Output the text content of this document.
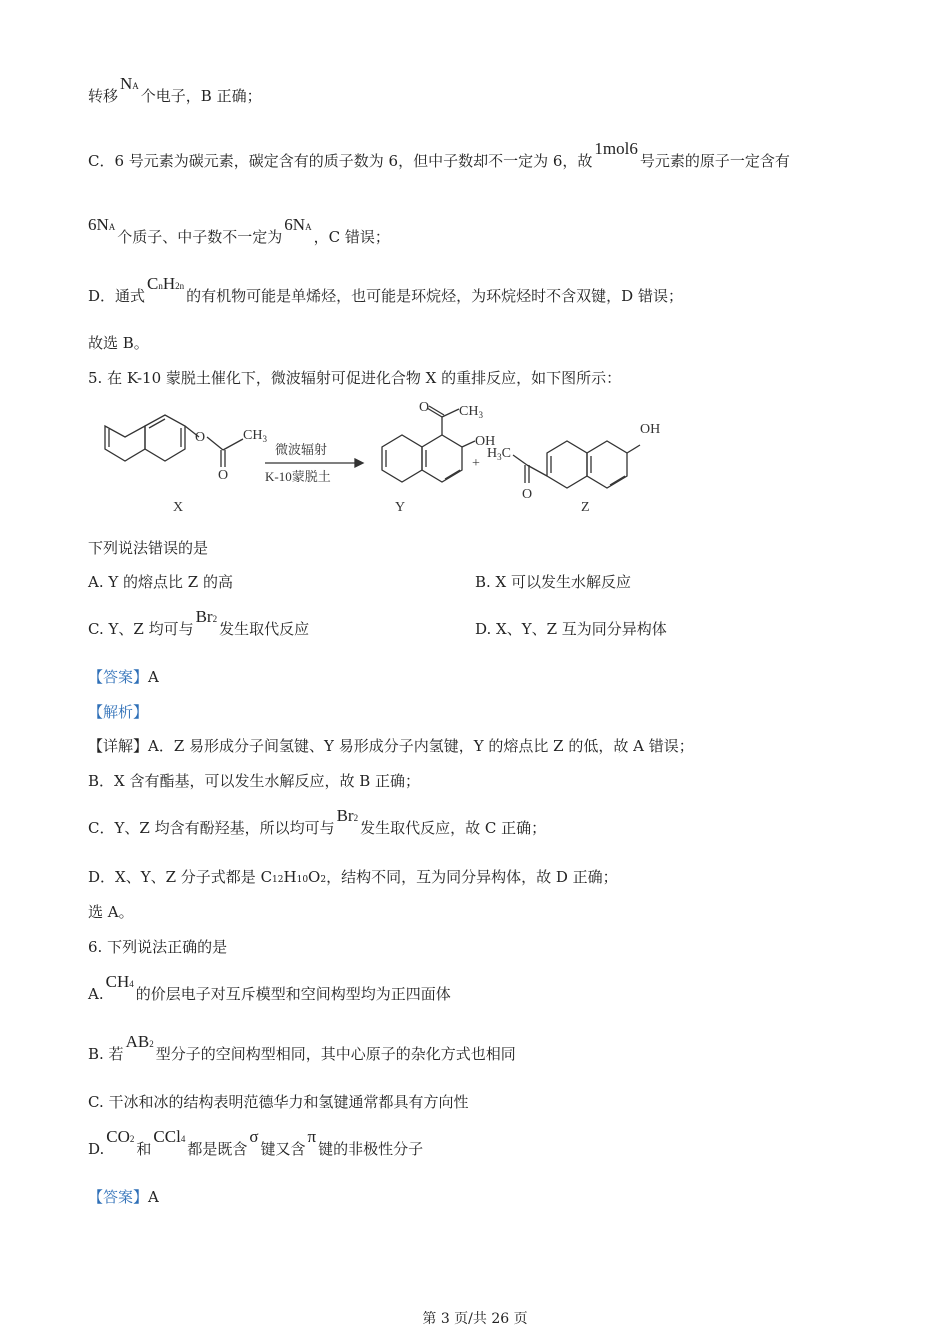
转移NA个电子，B 正确；
C．6 号元素为碳元素，碳定含有的质子数为 6，但中子数却不一定为 6，故1mol6号元素的原子一定含有
6NA个质子、中子数不一定为6NA，C 错误；
D．通式CnH2n的有机物可能是单烯烃，也可能是环烷烃，为环烷烃时不含双键，D 错误；
故选 B。
5. 在 K-10 蒙脱土催化下，微波辐射可促进化合物 X 的重排反应，如下图所示：
O	$CH_3$
O
微波辐射
K-10蒙脱土
O $CH_3$
OH
+
$H_3C$
O
OH
X	Y	Z
下列说法错误的是
A. Y 的熔点比 Z 的高	B. X 可以发生水解反应
C. Y、Z 均可与Br2发生取代反应	D. X、Y、Z 互为同分异构体
【答案】A
【解析】
【详解】A．Z 易形成分子间氢键、Y 易形成分子内氢键，Y 的熔点比 Z 的低，故 A 错误；
B．X 含有酯基，可以发生水解反应，故 B 正确；
C．Y、Z 均含有酚羟基，所以均可与Br2发生取代反应，故 C 正确；
D．X、Y、Z 分子式都是 C12H10O2，结构不同，互为同分异构体，故 D 正确；
选 A。
6. 下列说法正确的是
A.CH4的价层电子对互斥模型和空间构型均为正四面体
B. 若AB2型分子的空间构型相同，其中心原子的杂化方式也相同
C. 干冰和冰的结构表明范德华力和氢键通常都具有方向性
D.CO2和CCl4都是既含σ键又含π键的非极性分子
【答案】A
第 3 页/共 26 页
